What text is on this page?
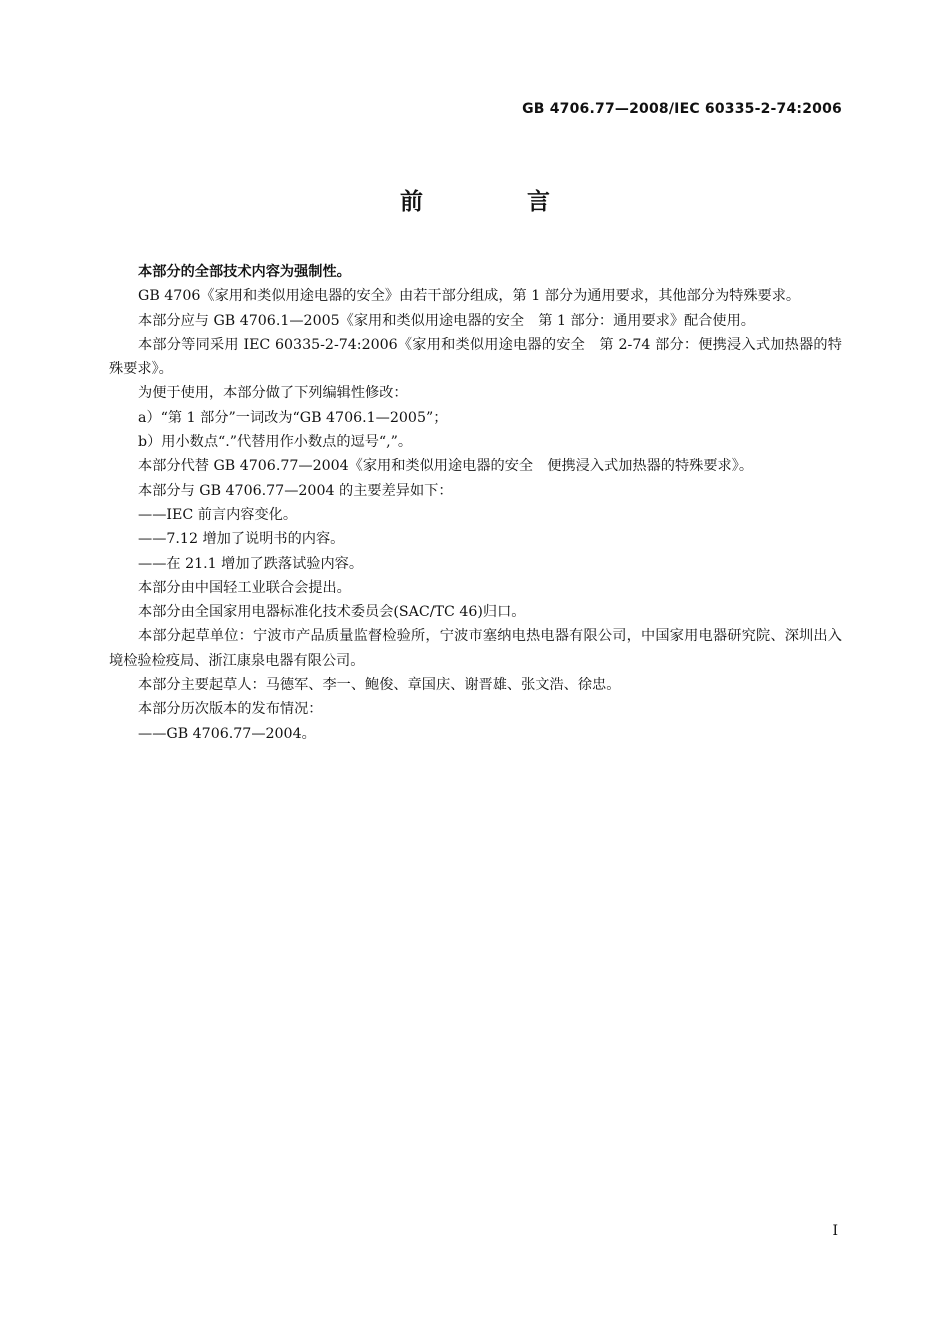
GB 4706.77—2008/IEC 60335-2-74:2006
前 言

本部分的全部技术内容为强制性。

GB 4706《家用和类似用途电器的安全》由若干部分组成，第 1 部分为通用要求，其他部分为特殊要求。

本部分应与 GB 4706.1—2005《家用和类似用途电器的安全　第 1 部分：通用要求》配合使用。

本部分等同采用 IEC 60335-2-74:2006《家用和类似用途电器的安全　第 2-74 部分：便携浸入式加热器的特殊要求》。

为便于使用，本部分做了下列编辑性修改：

a）“第 1 部分”一词改为“GB 4706.1—2005”；

b）用小数点“.”代替用作小数点的逗号“,”。

本部分代替 GB 4706.77—2004《家用和类似用途电器的安全　便携浸入式加热器的特殊要求》。

本部分与 GB 4706.77—2004 的主要差异如下：

——IEC 前言内容变化。

——7.12 增加了说明书的内容。

——在 21.1 增加了跌落试验内容。

本部分由中国轻工业联合会提出。

本部分由全国家用电器标准化技术委员会(SAC/TC 46)归口。

本部分起草单位：宁波市产品质量监督检验所，宁波市塞纳电热电器有限公司，中国家用电器研究院、深圳出入境检验检疫局、浙江康泉电器有限公司。

本部分主要起草人：马德军、李一、鲍俊、章国庆、谢晋雄、张文浩、徐忠。

本部分历次版本的发布情况：

——GB 4706.77—2004。

I
